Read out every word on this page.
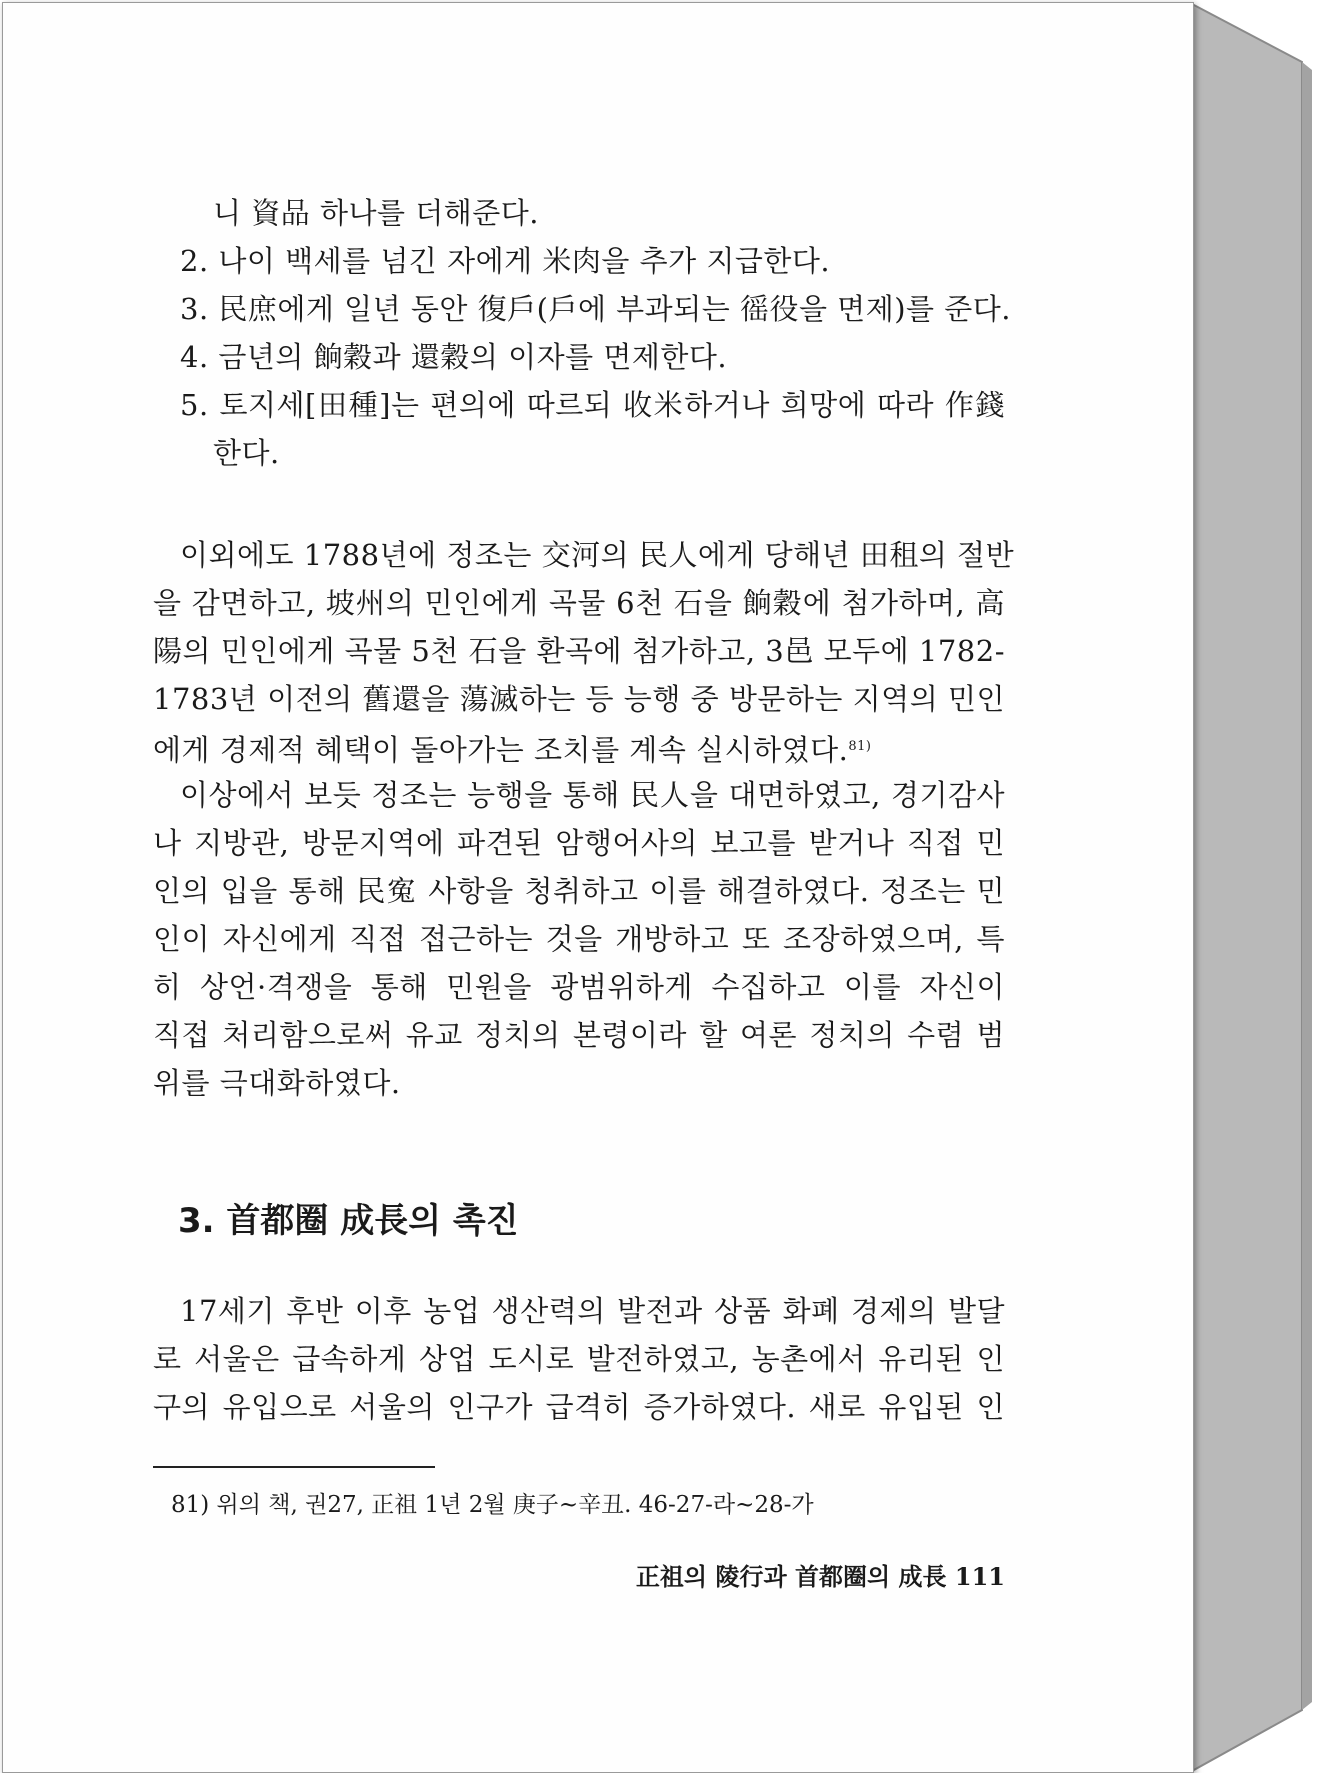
니 資品 하나를 더해준다.
2. 나이 백세를 넘긴 자에게 米肉을 추가 지급한다.
3. 民庶에게 일년 동안 復戶(戶에 부과되는 徭役을 면제)를 준다.
4. 금년의 餉穀과 還穀의 이자를 면제한다.
5. 토지세[田種]는 편의에 따르되 收米하거나 희망에 따라 作錢
한다.
이외에도 1788년에 정조는 交河의 民人에게 당해년 田租의 절반
을 감면하고, 坡州의 민인에게 곡물 6천 石을 餉穀에 첨가하며, 高
陽의 민인에게 곡물 5천 石을 환곡에 첨가하고, 3邑 모두에 1782-
1783년 이전의 舊還을 蕩滅하는 등 능행 중 방문하는 지역의 민인
에게 경제적 혜택이 돌아가는 조치를 계속 실시하였다.$^{81)}$
이상에서 보듯 정조는 능행을 통해 民人을 대면하였고, 경기감사
나 지방관, 방문지역에 파견된 암행어사의 보고를 받거나 직접 민
인의 입을 통해 民寃 사항을 청취하고 이를 해결하였다. 정조는 민
인이 자신에게 직접 접근하는 것을 개방하고 또 조장하였으며, 특
히 상언·격쟁을 통해 민원을 광범위하게 수집하고 이를 자신이
직접 처리함으로써 유교 정치의 본령이라 할 여론 정치의 수렴 범
위를 극대화하였다.
3. 首都圈 成長의 촉진
17세기 후반 이후 농업 생산력의 발전과 상품 화폐 경제의 발달
로 서울은 급속하게 상업 도시로 발전하였고, 농촌에서 유리된 인
구의 유입으로 서울의 인구가 급격히 증가하였다. 새로 유입된 인
81) 위의 책, 권27, 正祖 1년 2월 庚子~辛丑. 46-27-라~28-가
正祖의 陵行과 首都圈의 成長 111
